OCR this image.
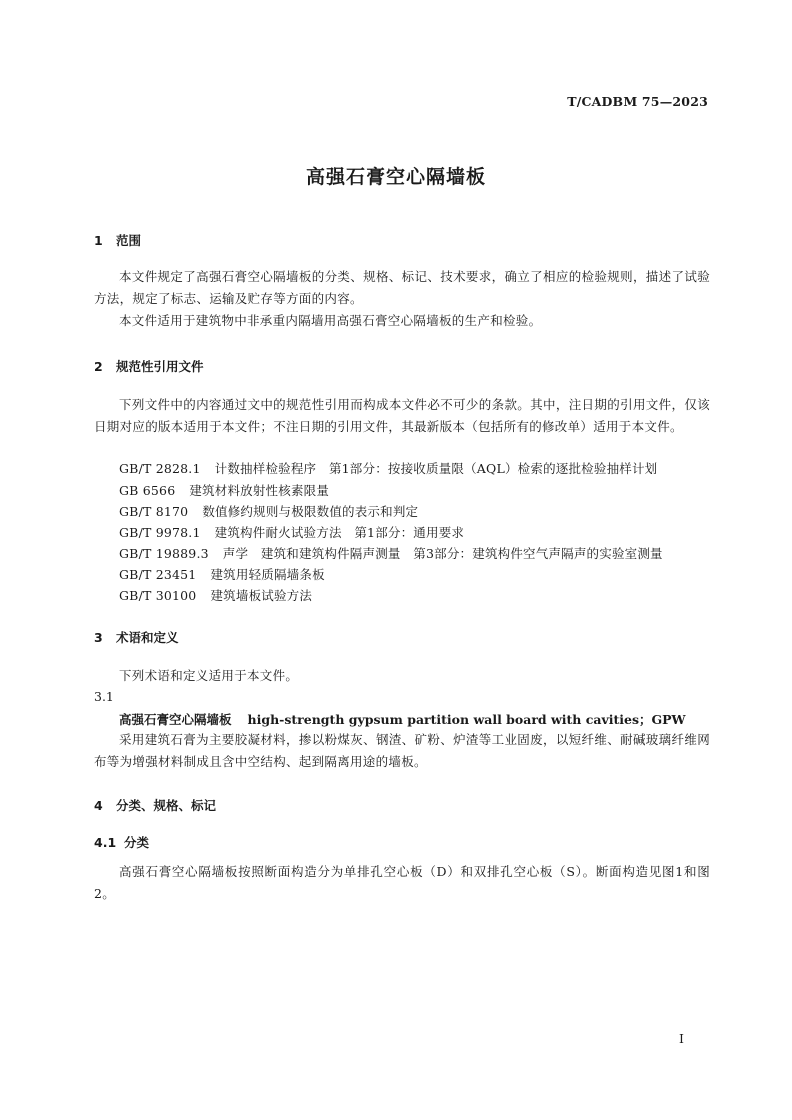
T/CADBM 75—2023
高强石膏空心隔墙板
1 范围
本文件规定了高强石膏空心隔墙板的分类、规格、标记、技术要求，确立了相应的检验规则，描述了试验方法，规定了标志、运输及贮存等方面的内容。
本文件适用于建筑物中非承重内隔墙用高强石膏空心隔墙板的生产和检验。
2 规范性引用文件
下列文件中的内容通过文中的规范性引用而构成本文件必不可少的条款。其中，注日期的引用文件，仅该日期对应的版本适用于本文件；不注日期的引用文件，其最新版本（包括所有的修改单）适用于本文件。
GB/T 2828.1 计数抽样检验程序　第1部分：按接收质量限（AQL）检索的逐批检验抽样计划
GB 6566 建筑材料放射性核素限量
GB/T 8170 数值修约规则与极限数值的表示和判定
GB/T 9978.1 建筑构件耐火试验方法　第1部分：通用要求
GB/T 19889.3 声学　建筑和建筑构件隔声测量　第3部分：建筑构件空气声隔声的实验室测量
GB/T 23451 建筑用轻质隔墙条板
GB/T 30100 建筑墙板试验方法
3 术语和定义
下列术语和定义适用于本文件。
3.1
高强石膏空心隔墙板 high-strength gypsum partition wall board with cavities；GPW
采用建筑石膏为主要胶凝材料，掺以粉煤灰、钢渣、矿粉、炉渣等工业固废，以短纤维、耐碱玻璃纤维网布等为增强材料制成且含中空结构、起到隔离用途的墙板。
4 分类、规格、标记
4.1 分类
高强石膏空心隔墙板按照断面构造分为单排孔空心板（D）和双排孔空心板（S）。断面构造见图1和图2。
I
